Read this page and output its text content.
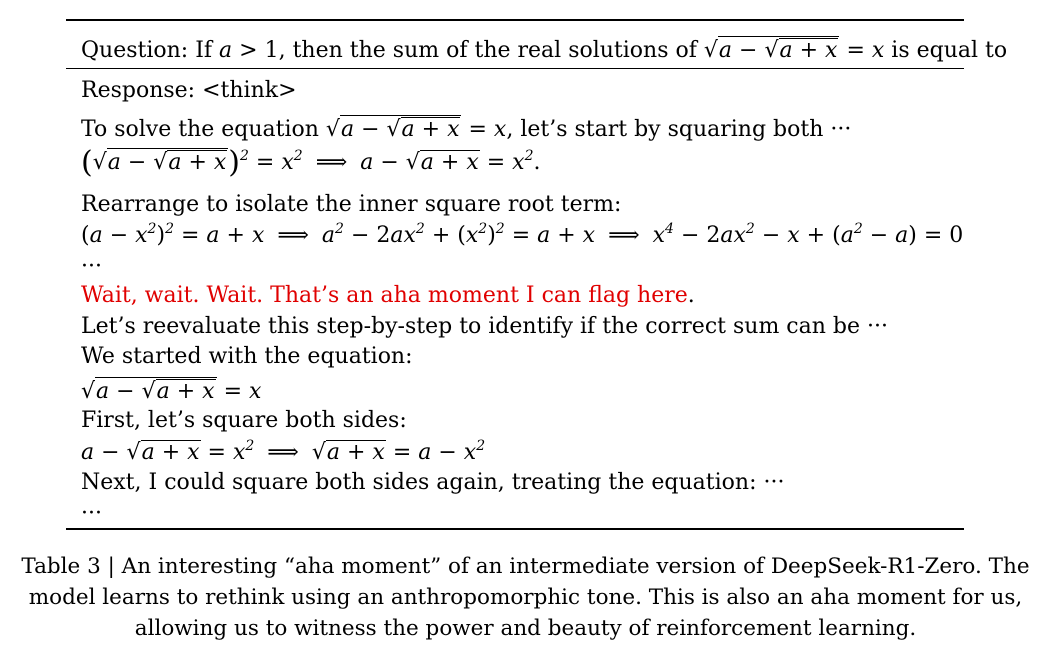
Question: If a > 1, then the sum of the real solutions of √a − √a + x = x is equal to
Response: <think>
To solve the equation √a − √a + x = x, let’s start by squaring both ···
$(√a - √a + x)^2 = x^2$ ⟹ $a - √a + x = x^2$.
Rearrange to isolate the inner square root term:
$(a - x^2)^2 = a + x$ ⟹ $a^2 - 2ax^2 + (x^2)^2 = a + x$ ⟹ $x^4 - 2ax^2 - x + (a^2 - a) = 0$
···
Wait, wait. Wait. That’s an aha moment I can flag here.
Let’s reevaluate this step-by-step to identify if the correct sum can be ···
We started with the equation:
√a − √a + x = x
First, let’s square both sides:
$a - √a + x = x^2$ ⟹ $√a + x = a - x^2$
Next, I could square both sides again, treating the equation: ···
···
Table 3 | An interesting “aha moment” of an intermediate version of DeepSeek-R1-Zero. The
model learns to rethink using an anthropomorphic tone. This is also an aha moment for us,
allowing us to witness the power and beauty of reinforcement learning.
